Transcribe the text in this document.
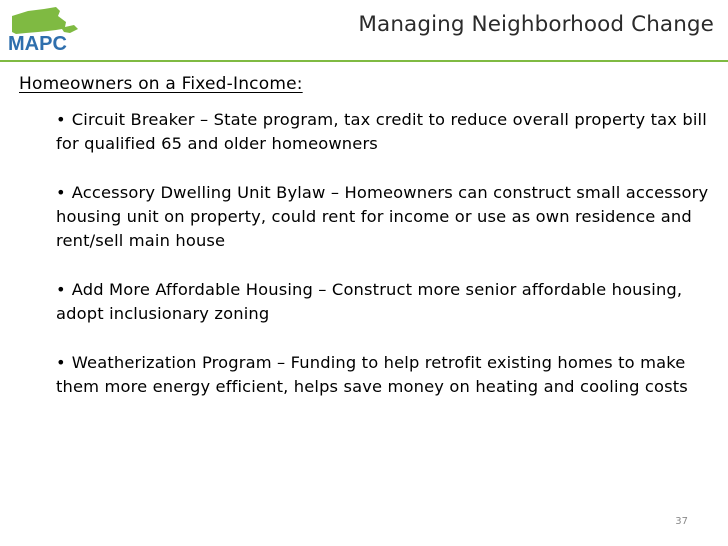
MAPC
Managing Neighborhood Change
Homeowners on a Fixed-Income:
• Circuit Breaker – State program, tax credit to reduce overall property tax bill for qualified 65 and older homeowners
• Accessory Dwelling Unit Bylaw – Homeowners can construct small accessory housing unit on property, could rent for income or use as own residence and rent/sell main house
• Add More Affordable Housing – Construct more senior affordable housing, adopt inclusionary zoning
• Weatherization Program – Funding to help retrofit existing homes to make them more energy efficient, helps save money on heating and cooling costs
37
